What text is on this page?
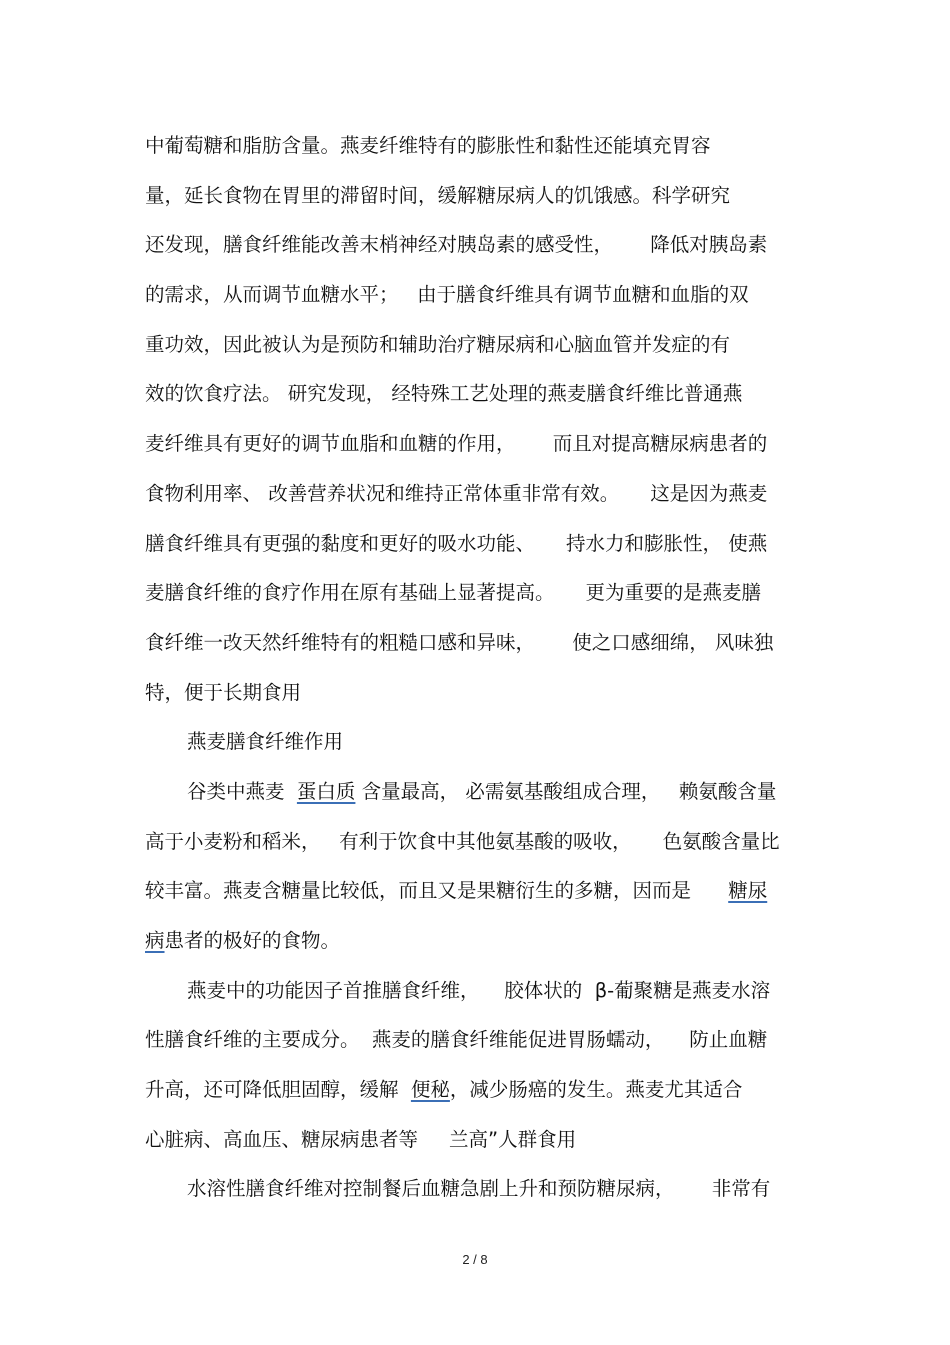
中葡萄糖和脂肪含量。燕麦纤维特有的膨胀性和黏性还能填充胃容
量，延长食物在胃里的滞留时间，缓解糖尿病人的饥饿感。科学研究
还发现，膳食纤维能改善末梢神经对胰岛素的感受性，      降低对胰岛素
的需求，从而调节血糖水平；   由于膳食纤维具有调节血糖和血脂的双
重功效，因此被认为是预防和辅助治疗糖尿病和心脑血管并发症的有
效的饮食疗法。 研究发现， 经特殊工艺处理的燕麦膳食纤维比普通燕
麦纤维具有更好的调节血脂和血糖的作用，      而且对提高糖尿病患者的
食物利用率、 改善营养状况和维持正常体重非常有效。     这是因为燕麦
膳食纤维具有更强的黏度和更好的吸水功能、     持水力和膨胀性， 使燕
麦膳食纤维的食疗作用在原有基础上显著提高。     更为重要的是燕麦膳
食纤维一改天然纤维特有的粗糙口感和异味，      使之口感细绵， 风味独
特，便于长期食用
燕麦膳食纤维作用
谷类中燕麦  蛋白质 含量最高， 必需氨基酸组成合理，   赖氨酸含量
高于小麦粉和稻米，   有利于饮食中其他氨基酸的吸收，     色氨酸含量比
较丰富。燕麦含糖量比较低，而且又是果糖衍生的多糖，因而是      糖尿
病患者的极好的食物。
燕麦中的功能因子首推膳食纤维，    胶体状的  β-葡聚糖是燕麦水溶
性膳食纤维的主要成分。  燕麦的膳食纤维能促进胃肠蠕动，    防止血糖
升高，还可降低胆固醇，缓解  便秘，减少肠癌的发生。燕麦尤其适合
心脏病、高血压、糖尿病患者等     兰高”人群食用
水溶性膳食纤维对控制餐后血糖急剧上升和预防糖尿病，      非常有
2 / 8
